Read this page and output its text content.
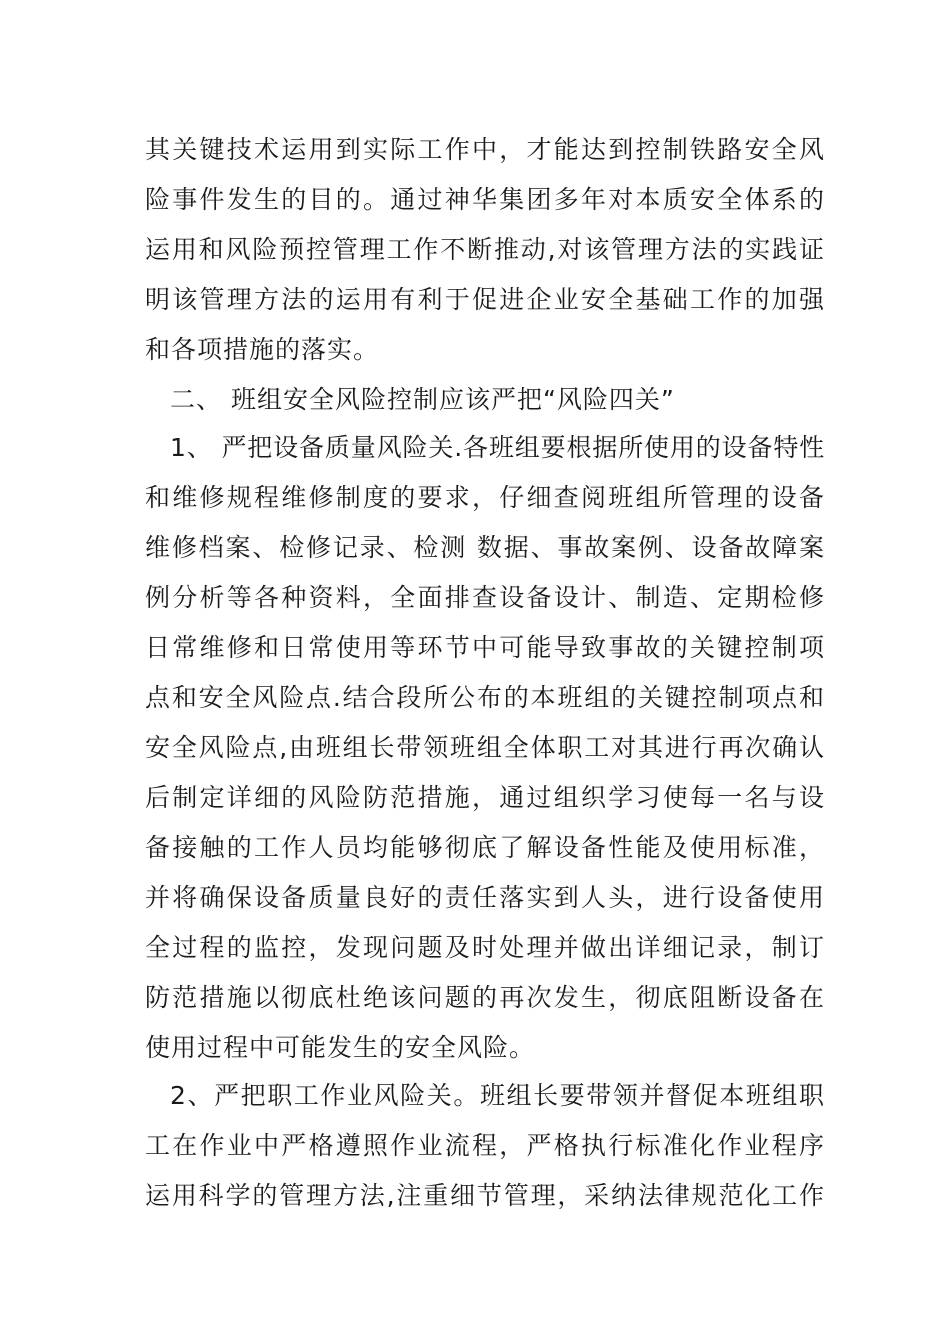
其关键技术运用到实际工作中，才能达到控制铁路安全风
险事件发生的目的。通过神华集团多年对本质安全体系的
运用和风险预控管理工作不断推动,对该管理方法的实践证
明该管理方法的运用有利于促进企业安全基础工作的加强
和各项措施的落实。
二、 班组安全风险控制应该严把“风险四关”
1、 严把设备质量风险关.各班组要根据所使用的设备特性
和维修规程维修制度的要求，仔细查阅班组所管理的设备
维修档案、检修记录、检测 数据、事故案例、设备故障案
例分析等各种资料，全面排查设备设计、制造、定期检修
日常维修和日常使用等环节中可能导致事故的关键控制项
点和安全风险点.结合段所公布的本班组的关键控制项点和
安全风险点,由班组长带领班组全体职工对其进行再次确认
后制定详细的风险防范措施，通过组织学习使每一名与设
备接触的工作人员均能够彻底了解设备性能及使用标准，
并将确保设备质量良好的责任落实到人头，进行设备使用
全过程的监控，发现问题及时处理并做出详细记录，制订
防范措施以彻底杜绝该问题的再次发生，彻底阻断设备在
使用过程中可能发生的安全风险。
2、严把职工作业风险关。班组长要带领并督促本班组职
工在作业中严格遵照作业流程，严格执行标准化作业程序
运用科学的管理方法,注重细节管理，采纳法律规范化工作
